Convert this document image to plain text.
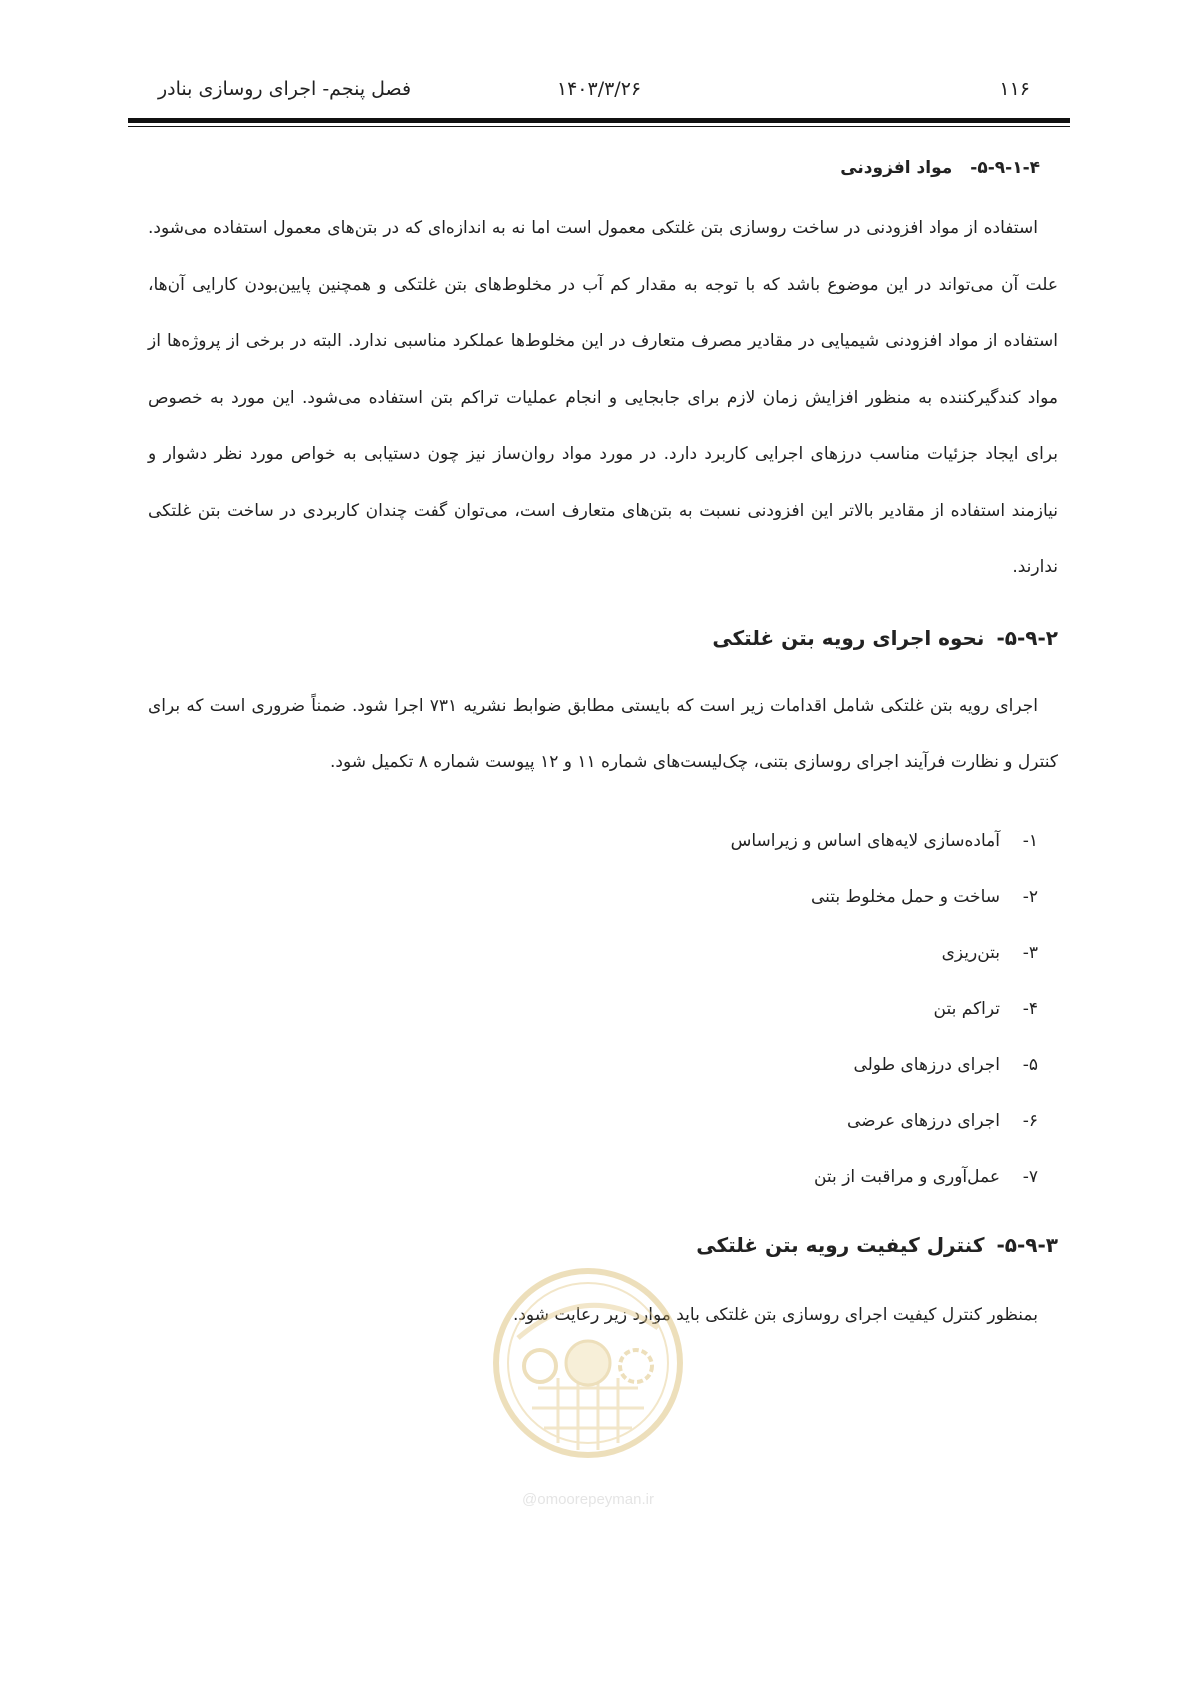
۱۱۶
۱۴۰۳/۳/۲۶
فصل پنجم- اجرای روسازی بنادر
۵-۹-۱-۴-
مواد افزودنی

استفاده از مواد افزودنی در ساخت روسازی بتن غلتکی معمول است اما نه به اندازه‌ای که در بتن‌های معمول استفاده می‌شود. علت آن می‌تواند در این موضوع باشد که با توجه به مقدار کم آب در مخلوط‌های بتن غلتکی و همچنین پایین‌بودن کارایی آن‌ها، استفاده از مواد افزودنی شیمیایی در مقادیر مصرف متعارف در این مخلوط‌ها عملکرد مناسبی ندارد. البته در برخی از پروژه‌ها از مواد کندگیرکننده به منظور افزایش زمان لازم برای جابجایی و انجام عملیات تراکم بتن استفاده می‌شود. این مورد به خصوص برای ایجاد جزئیات مناسب درزهای اجرایی کاربرد دارد. در مورد مواد روان‌ساز نیز چون دستیابی به خواص مورد نظر دشوار و نیازمند استفاده از مقادیر بالاتر این افزودنی نسبت به بتن‌های متعارف است، می‌توان گفت چندان کاربردی در ساخت بتن غلتکی ندارند.

۵-۹-۲-
نحوه اجرای رویه بتن غلتکی

اجرای رویه بتن غلتکی شامل اقدامات زیر است که بایستی مطابق ضوابط نشریه ۷۳۱ اجرا شود. ضمناً ضروری است که برای کنترل و نظارت فرآیند اجرای روسازی بتنی، چک‌لیست‌های شماره ۱۱ و ۱۲ پیوست شماره ۸ تکمیل شود.

۱-
آماده‌سازی لایه‌های اساس و زیراساس
۲-
ساخت و حمل مخلوط بتنی
۳-
بتن‌ریزی
۴-
تراکم بتن
۵-
اجرای درزهای طولی
۶-
اجرای درزهای عرضی
۷-
عمل‌آوری و مراقبت از بتن
۵-۹-۳-
کنترل کیفیت رویه بتن غلتکی

بمنظور کنترل کیفیت اجرای روسازی بتن غلتکی باید موارد زیر رعایت شود.

@omoorepeyman.ir
